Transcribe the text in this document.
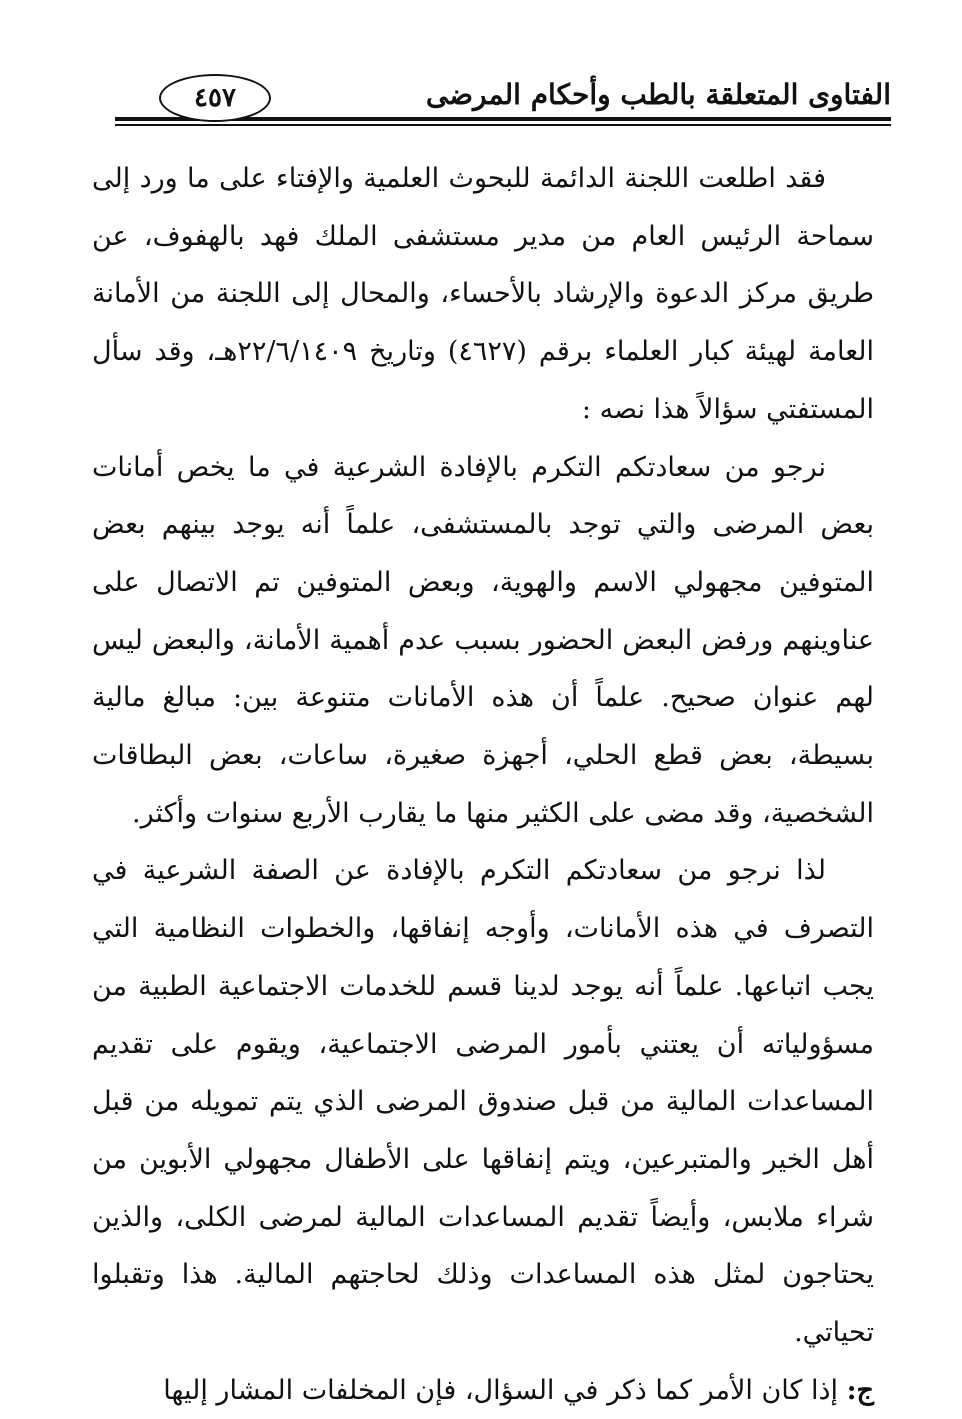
الفتاوى المتعلقة بالطب وأحكام المرضى
٤٥٧

فقد اطلعت اللجنة الدائمة للبحوث العلمية والإفتاء على ما ورد إلى سماحة الرئيس العام من مدير مستشفى الملك فهد بالهفوف، عن طريق مركز الدعوة والإرشاد بالأحساء، والمحال إلى اللجنة من الأمانة العامة لهيئة كبار العلماء برقم (٤٦٢٧) وتاريخ ٢٢/٦/١٤٠٩هـ، وقد سأل المستفتي سؤالاً هذا نصه :

نرجو من سعادتكم التكرم بالإفادة الشرعية في ما يخص أمانات بعض المرضى والتي توجد بالمستشفى، علماً أنه يوجد بينهم بعض المتوفين مجهولي الاسم والهوية، وبعض المتوفين تم الاتصال على عناوينهم ورفض البعض الحضور بسبب عدم أهمية الأمانة، والبعض ليس لهم عنوان صحيح. علماً أن هذه الأمانات متنوعة بين: مبالغ مالية بسيطة، بعض قطع الحلي، أجهزة صغيرة، ساعات، بعض البطاقات الشخصية، وقد مضى على الكثير منها ما يقارب الأربع سنوات وأكثر.

لذا نرجو من سعادتكم التكرم بالإفادة عن الصفة الشرعية في التصرف في هذه الأمانات، وأوجه إنفاقها، والخطوات النظامية التي يجب اتباعها. علماً أنه يوجد لدينا قسم للخدمات الاجتماعية الطبية من مسؤولياته أن يعتني بأمور المرضى الاجتماعية، ويقوم على تقديم المساعدات المالية من قبل صندوق المرضى الذي يتم تمويله من قبل أهل الخير والمتبرعين، ويتم إنفاقها على الأطفال مجهولي الأبوين من شراء ملابس، وأيضاً تقديم المساعدات المالية لمرضى الكلى، والذين يحتاجون لمثل هذه المساعدات وذلك لحاجتهم المالية. هذا وتقبلوا تحياتي.

ج: إذا كان الأمر كما ذكر في السؤال، فإن المخلفات المشار إليها
